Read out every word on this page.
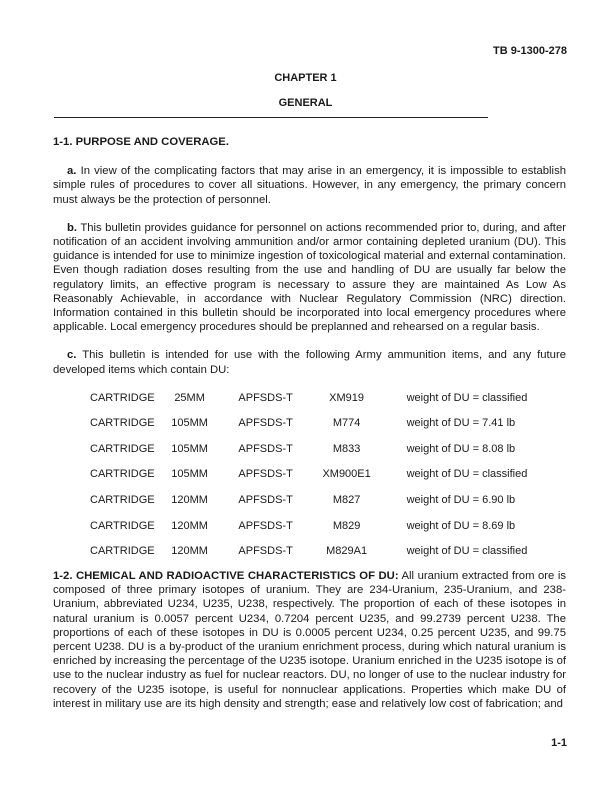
TB 9-1300-278
CHAPTER 1
GENERAL
1-1. PURPOSE AND COVERAGE.

a. In view of the complicating factors that may arise in an emergency, it is impossible to establish simple rules of procedures to cover all situations. However, in any emergency, the primary concern must always be the protection of personnel.

b. This bulletin provides guidance for personnel on actions recommended prior to, during, and after notification of an accident involving ammunition and/or armor containing depleted uranium (DU). This guidance is intended for use to minimize ingestion of toxicological material and external contamination. Even though radiation doses resulting from the use and handling of DU are usually far below the regulatory limits, an effective program is necessary to assure they are maintained As Low As Reasonably Achievable, in accordance with Nuclear Regulatory Commission (NRC) direction. Information contained in this bulletin should be incorporated into local emergency procedures where applicable. Local emergency procedures should be preplanned and rehearsed on a regular basis.

c. This bulletin is intended for use with the following Army ammunition items, and any future developed items which contain DU:

CARTRIDGE	25MM	APFSDS-T	XM919	weight of DU = classified
CARTRIDGE	105MM	APFSDS-T	M774	weight of DU = 7.41 lb
CARTRIDGE	105MM	APFSDS-T	M833	weight of DU = 8.08 lb
CARTRIDGE	105MM	APFSDS-T	XM900E1	weight of DU = classified
CARTRIDGE	120MM	APFSDS-T	M827	weight of DU = 6.90 lb
CARTRIDGE	120MM	APFSDS-T	M829	weight of DU = 8.69 lb
CARTRIDGE	120MM	APFSDS-T	M829A1	weight of DU = classified

1-2. CHEMICAL AND RADIOACTIVE CHARACTERISTICS OF DU: All uranium extracted from ore is composed of three primary isotopes of uranium. They are 234-Uranium, 235-Uranium, and 238-Uranium, abbreviated U234, U235, U238, respectively. The proportion of each of these isotopes in natural uranium is 0.0057 percent U234, 0.7204 percent U235, and 99.2739 percent U238. The proportions of each of these isotopes in DU is 0.0005 percent U234, 0.25 percent U235, and 99.75 percent U238. DU is a by-product of the uranium enrichment process, during which natural uranium is enriched by increasing the percentage of the U235 isotope. Uranium enriched in the U235 isotope is of use to the nuclear industry as fuel for nuclear reactors. DU, no longer of use to the nuclear industry for recovery of the U235 isotope, is useful for nonnuclear applications. Properties which make DU of interest in military use are its high density and strength; ease and relatively low cost of fabrication; and

1-1
